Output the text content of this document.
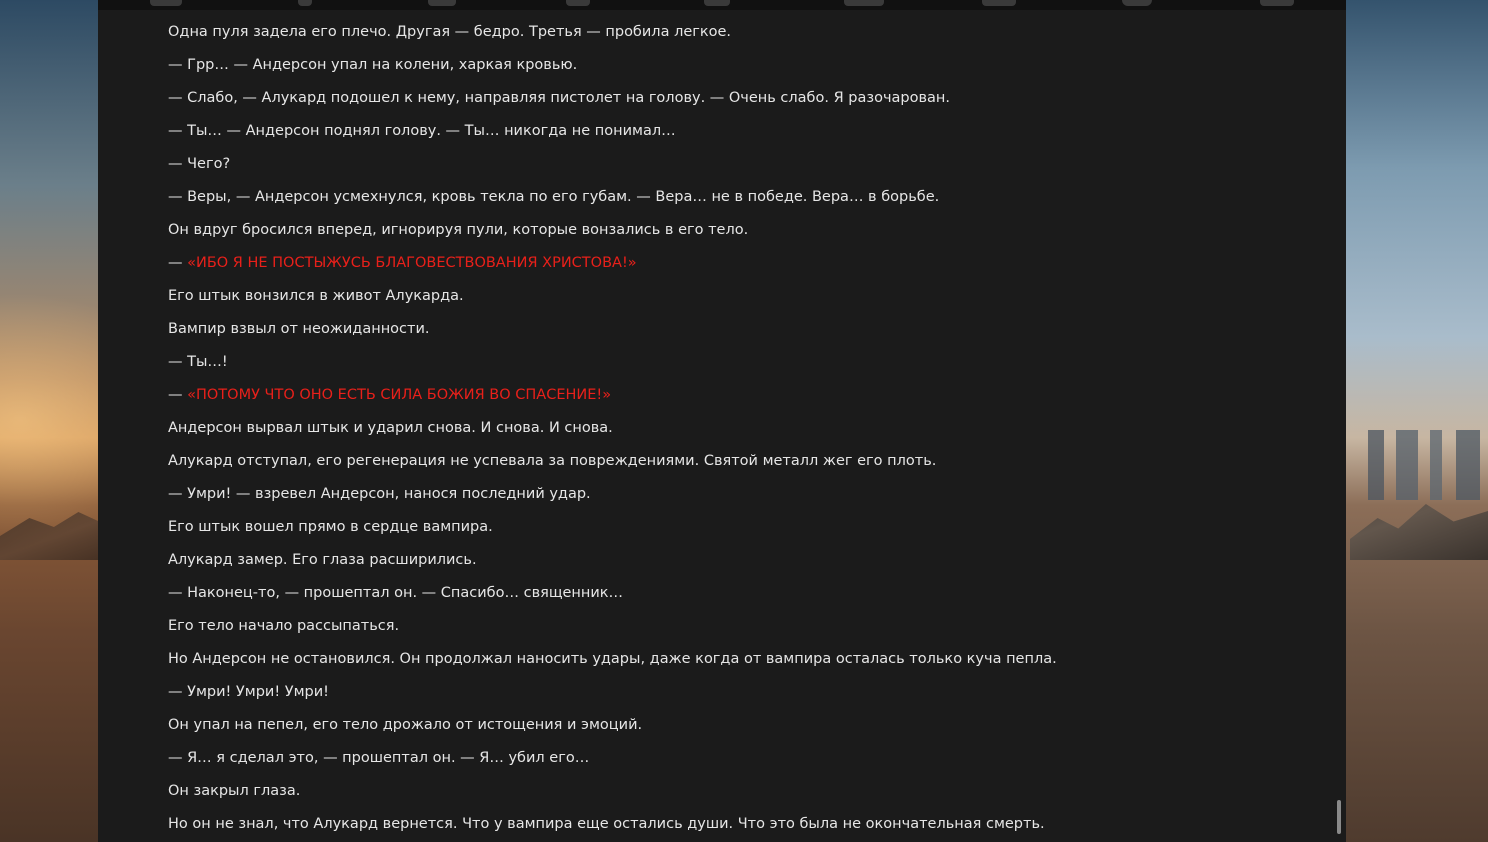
Одна пуля задела его плечо. Другая — бедро. Третья — пробила легкое.

— Грр… — Андерсон упал на колени, харкая кровью.

— Слабо, — Алукард подошел к нему, направляя пистолет на голову. — Очень слабо. Я разочарован.

— Ты… — Андерсон поднял голову. — Ты… никогда не понимал…

— Чего?

— Веры, — Андерсон усмехнулся, кровь текла по его губам. — Вера… не в победе. Вера… в борьбе.

Он вдруг бросился вперед, игнорируя пули, которые вонзались в его тело.

— «ИБО Я НЕ ПОСТЫЖУСЬ БЛАГОВЕСТВОВАНИЯ ХРИСТОВА!»

Его штык вонзился в живот Алукарда.

Вампир взвыл от неожиданности.

— Ты…!

— «ПОТОМУ ЧТО ОНО ЕСТЬ СИЛА БОЖИЯ ВО СПАСЕНИЕ!»

Андерсон вырвал штык и ударил снова. И снова. И снова.

Алукард отступал, его регенерация не успевала за повреждениями. Святой металл жег его плоть.

— Умри! — взревел Андерсон, нанося последний удар.

Его штык вошел прямо в сердце вампира.

Алукард замер. Его глаза расширились.

— Наконец-то, — прошептал он. — Спасибо… священник…

Его тело начало рассыпаться.

Но Андерсон не остановился. Он продолжал наносить удары, даже когда от вампира осталась только куча пепла.

— Умри! Умри! Умри!

Он упал на пепел, его тело дрожало от истощения и эмоций.

— Я… я сделал это, — прошептал он. — Я… убил его…

Он закрыл глаза.

Но он не знал, что Алукард вернется. Что у вампира еще остались души. Что это была не окончательная смерть.
